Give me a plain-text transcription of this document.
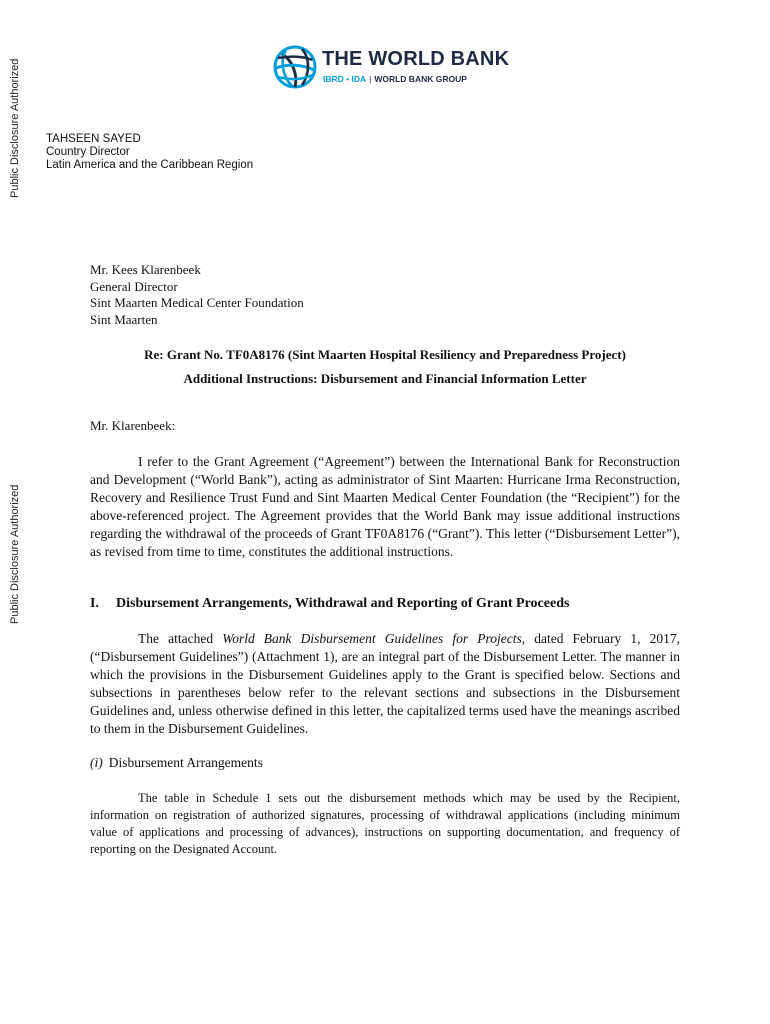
Public Disclosure Authorized
Public Disclosure Authorized
THE WORLD BANK
IBRD • IDA | WORLD BANK GROUP
TAHSEEN SAYED
Country Director
Latin America and the Caribbean Region
Mr. Kees Klarenbeek
General Director
Sint Maarten Medical Center Foundation
Sint Maarten
Re: Grant No. TF0A8176 (Sint Maarten Hospital Resiliency and Preparedness Project)
Additional Instructions: Disbursement and Financial Information Letter
Mr. Klarenbeek:

I refer to the Grant Agreement (“Agreement”) between the International Bank for Reconstruction and Development (“World Bank”), acting as administrator of Sint Maarten: Hurricane Irma Reconstruction, Recovery and Resilience Trust Fund and Sint Maarten Medical Center Foundation (the “Recipient”) for the above-referenced project. The Agreement provides that the World Bank may issue additional instructions regarding the withdrawal of the proceeds of Grant TF0A8176 (“Grant”). This letter (“Disbursement Letter”), as revised from time to time, constitutes the additional instructions.

I. Disbursement Arrangements, Withdrawal and Reporting of Grant Proceeds

The attached World Bank Disbursement Guidelines for Projects, dated February 1, 2017, (“Disbursement Guidelines”) (Attachment 1), are an integral part of the Disbursement Letter. The manner in which the provisions in the Disbursement Guidelines apply to the Grant is specified below. Sections and subsections in parentheses below refer to the relevant sections and subsections in the Disbursement Guidelines and, unless otherwise defined in this letter, the capitalized terms used have the meanings ascribed to them in the Disbursement Guidelines.

(i) Disbursement Arrangements

The table in Schedule 1 sets out the disbursement methods which may be used by the Recipient, information on registration of authorized signatures, processing of withdrawal applications (including minimum value of applications and processing of advances), instructions on supporting documentation, and frequency of reporting on the Designated Account.
